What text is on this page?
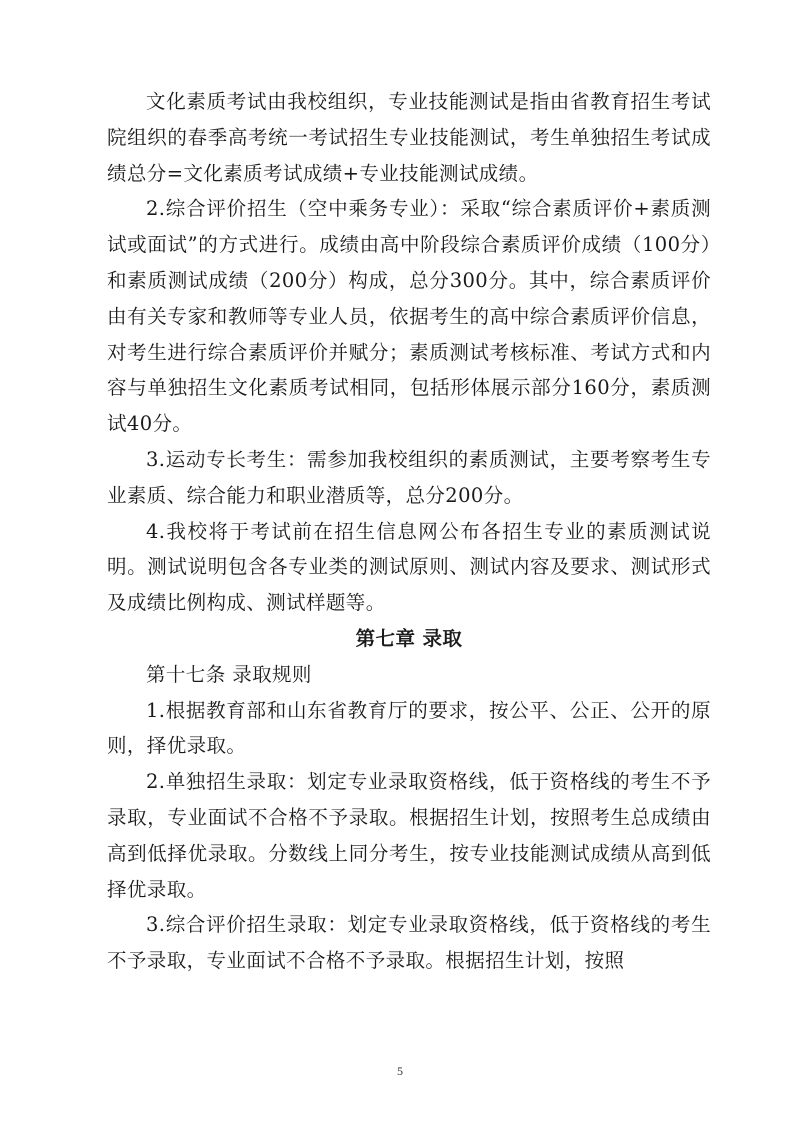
文化素质考试由我校组织，专业技能测试是指由省教育招生考试院组织的春季高考统一考试招生专业技能测试，考生单独招生考试成绩总分=文化素质考试成绩+专业技能测试成绩。

2.综合评价招生（空中乘务专业）：采取“综合素质评价+素质测试或面试”的方式进行。成绩由高中阶段综合素质评价成绩（100分）和素质测试成绩（200分）构成，总分300分。其中，综合素质评价由有关专家和教师等专业人员，依据考生的高中综合素质评价信息，对考生进行综合素质评价并赋分；素质测试考核标准、考试方式和内容与单独招生文化素质考试相同，包括形体展示部分160分，素质测试40分。

3.运动专长考生：需参加我校组织的素质测试，主要考察考生专业素质、综合能力和职业潜质等，总分200分。

4.我校将于考试前在招生信息网公布各招生专业的素质测试说明。测试说明包含各专业类的测试原则、测试内容及要求、测试形式及成绩比例构成、测试样题等。

第七章 录取

第十七条 录取规则

1.根据教育部和山东省教育厅的要求，按公平、公正、公开的原则，择优录取。

2.单独招生录取：划定专业录取资格线，低于资格线的考生不予录取，专业面试不合格不予录取。根据招生计划，按照考生总成绩由高到低择优录取。分数线上同分考生，按专业技能测试成绩从高到低择优录取。

3.综合评价招生录取：划定专业录取资格线，低于资格线的考生不予录取，专业面试不合格不予录取。根据招生计划，按照

5
